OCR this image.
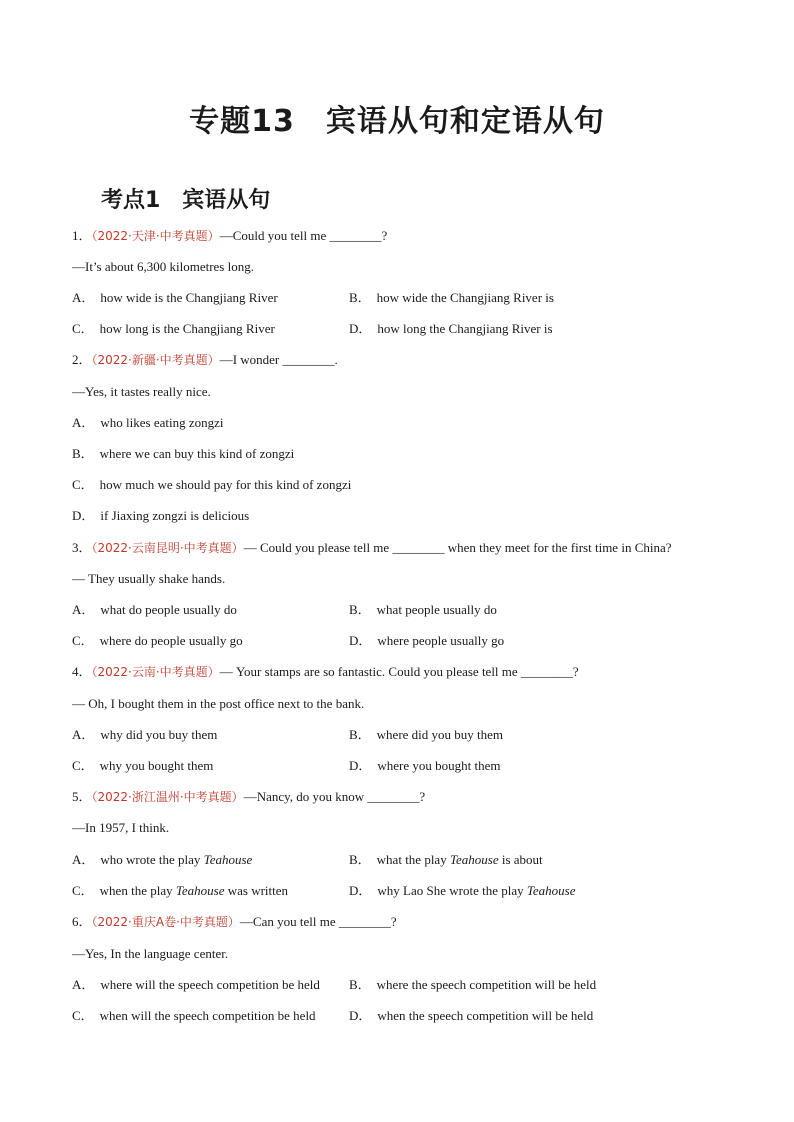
专题13　宾语从句和定语从句
考点1　宾语从句
1．（2022·天津·中考真题）—Could you tell me ________?
—It’s about 6,300 kilometres long.
A． how wide is the Changjiang River	B． how wide the Changjiang River is
C． how long is the Changjiang River	D． how long the Changjiang River is
2．（2022·新疆·中考真题）—I wonder ________.
—Yes, it tastes really nice.
A． who likes eating zongzi
B． where we can buy this kind of zongzi
C． how much we should pay for this kind of zongzi
D． if Jiaxing zongzi is delicious
3．（2022·云南昆明·中考真题）— Could you please tell me ________ when they meet for the first time in China?
— They usually shake hands.
A． what do people usually do	B． what people usually do
C． where do people usually go	D． where people usually go
4．（2022·云南·中考真题）— Your stamps are so fantastic. Could you please tell me ________?
— Oh, I bought them in the post office next to the bank.
A． why did you buy them	B． where did you buy them
C． why you bought them	D． where you bought them
5．（2022·浙江温州·中考真题）—Nancy, do you know ________?
—In 1957, I think.
A． who wrote the play Teahouse	B． what the play Teahouse is about
C． when the play Teahouse was written	D． why Lao She wrote the play Teahouse
6．（2022·重庆A卷·中考真题）—Can you tell me ________?
—Yes, In the language center.
A． where will the speech competition be held B． where the speech competition will be held
C． when will the speech competition be held	D． when the speech competition will be held
